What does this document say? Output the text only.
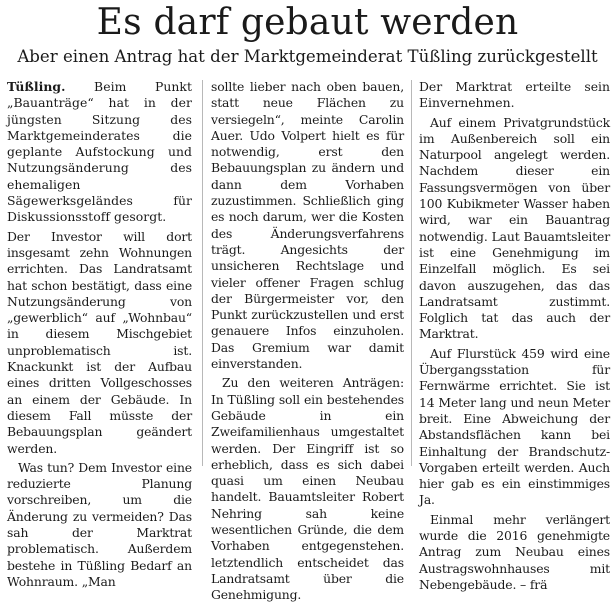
Es darf gebaut werden
Aber einen Antrag hat der Marktgemeinderat Tüßling zurückgestellt

Tüßling. Beim Punkt „Bauanträge“ hat in der jüngsten Sitzung des Marktgemeinderates die geplante Aufstockung und Nutzungsänderung des ehemaligen Sägewerksgeländes für Diskussionsstoff gesorgt.

Der Investor will dort insgesamt zehn Wohnungen errichten. Das Landratsamt hat schon bestätigt, dass eine Nutzungsänderung von „gewerblich“ auf „Wohnbau“ in diesem Mischgebiet unproblematisch ist. Knackunkt ist der Aufbau eines dritten Vollgeschosses an einem der Gebäude. In diesem Fall müsste der Bebauungsplan geändert werden.

Was tun? Dem Investor eine reduzierte Planung vorschreiben, um die Änderung zu vermeiden? Das sah der Marktrat problematisch. Außerdem bestehe in Tüßling Bedarf an Wohnraum. „Man

sollte lieber nach oben bauen, statt neue Flächen zu versiegeln“, meinte Carolin Auer. Udo Volpert hielt es für notwendig, erst den Bebauungsplan zu ändern und dann dem Vorhaben zuzustimmen. Schließlich ging es noch darum, wer die Kosten des Änderungsverfahrens trägt. Angesichts der unsicheren Rechtslage und vieler offener Fragen schlug der Bürgermeister vor, den Punkt zurückzustellen und erst genauere Infos einzuholen. Das Gremium war damit einverstanden.

Zu den weiteren Anträgen: In Tüßling soll ein bestehendes Gebäude in ein Zweifamilienhaus umgestaltet werden. Der Eingriff ist so erheblich, dass es sich dabei quasi um einen Neubau handelt. Bauamtsleiter Robert Nehring sah keine wesentlichen Gründe, die dem Vorhaben entgegenstehen. letztendlich entscheidet das Landratsamt über die Genehmigung.

Der Marktrat erteilte sein Einvernehmen.

Auf einem Privatgrundstück im Außenbereich soll ein Naturpool angelegt werden. Nachdem dieser ein Fassungsvermögen von über 100 Kubikmeter Wasser haben wird, war ein Bauantrag notwendig. Laut Bauamtsleiter ist eine Genehmigung im Einzelfall möglich. Es sei davon auszugehen, das das Landratsamt zustimmt. Folglich tat das auch der Marktrat.

Auf Flurstück 459 wird eine Übergangsstation für Fernwärme errichtet. Sie ist 14 Meter lang und neun Meter breit. Eine Abweichung der Abstandsflächen kann bei Einhaltung der Brandschutz-Vorgaben erteilt werden. Auch hier gab es ein einstimmiges Ja.

Einmal mehr verlängert wurde die 2016 genehmigte Antrag zum Neubau eines Austragswohnhauses mit Nebengebäude. – frä
